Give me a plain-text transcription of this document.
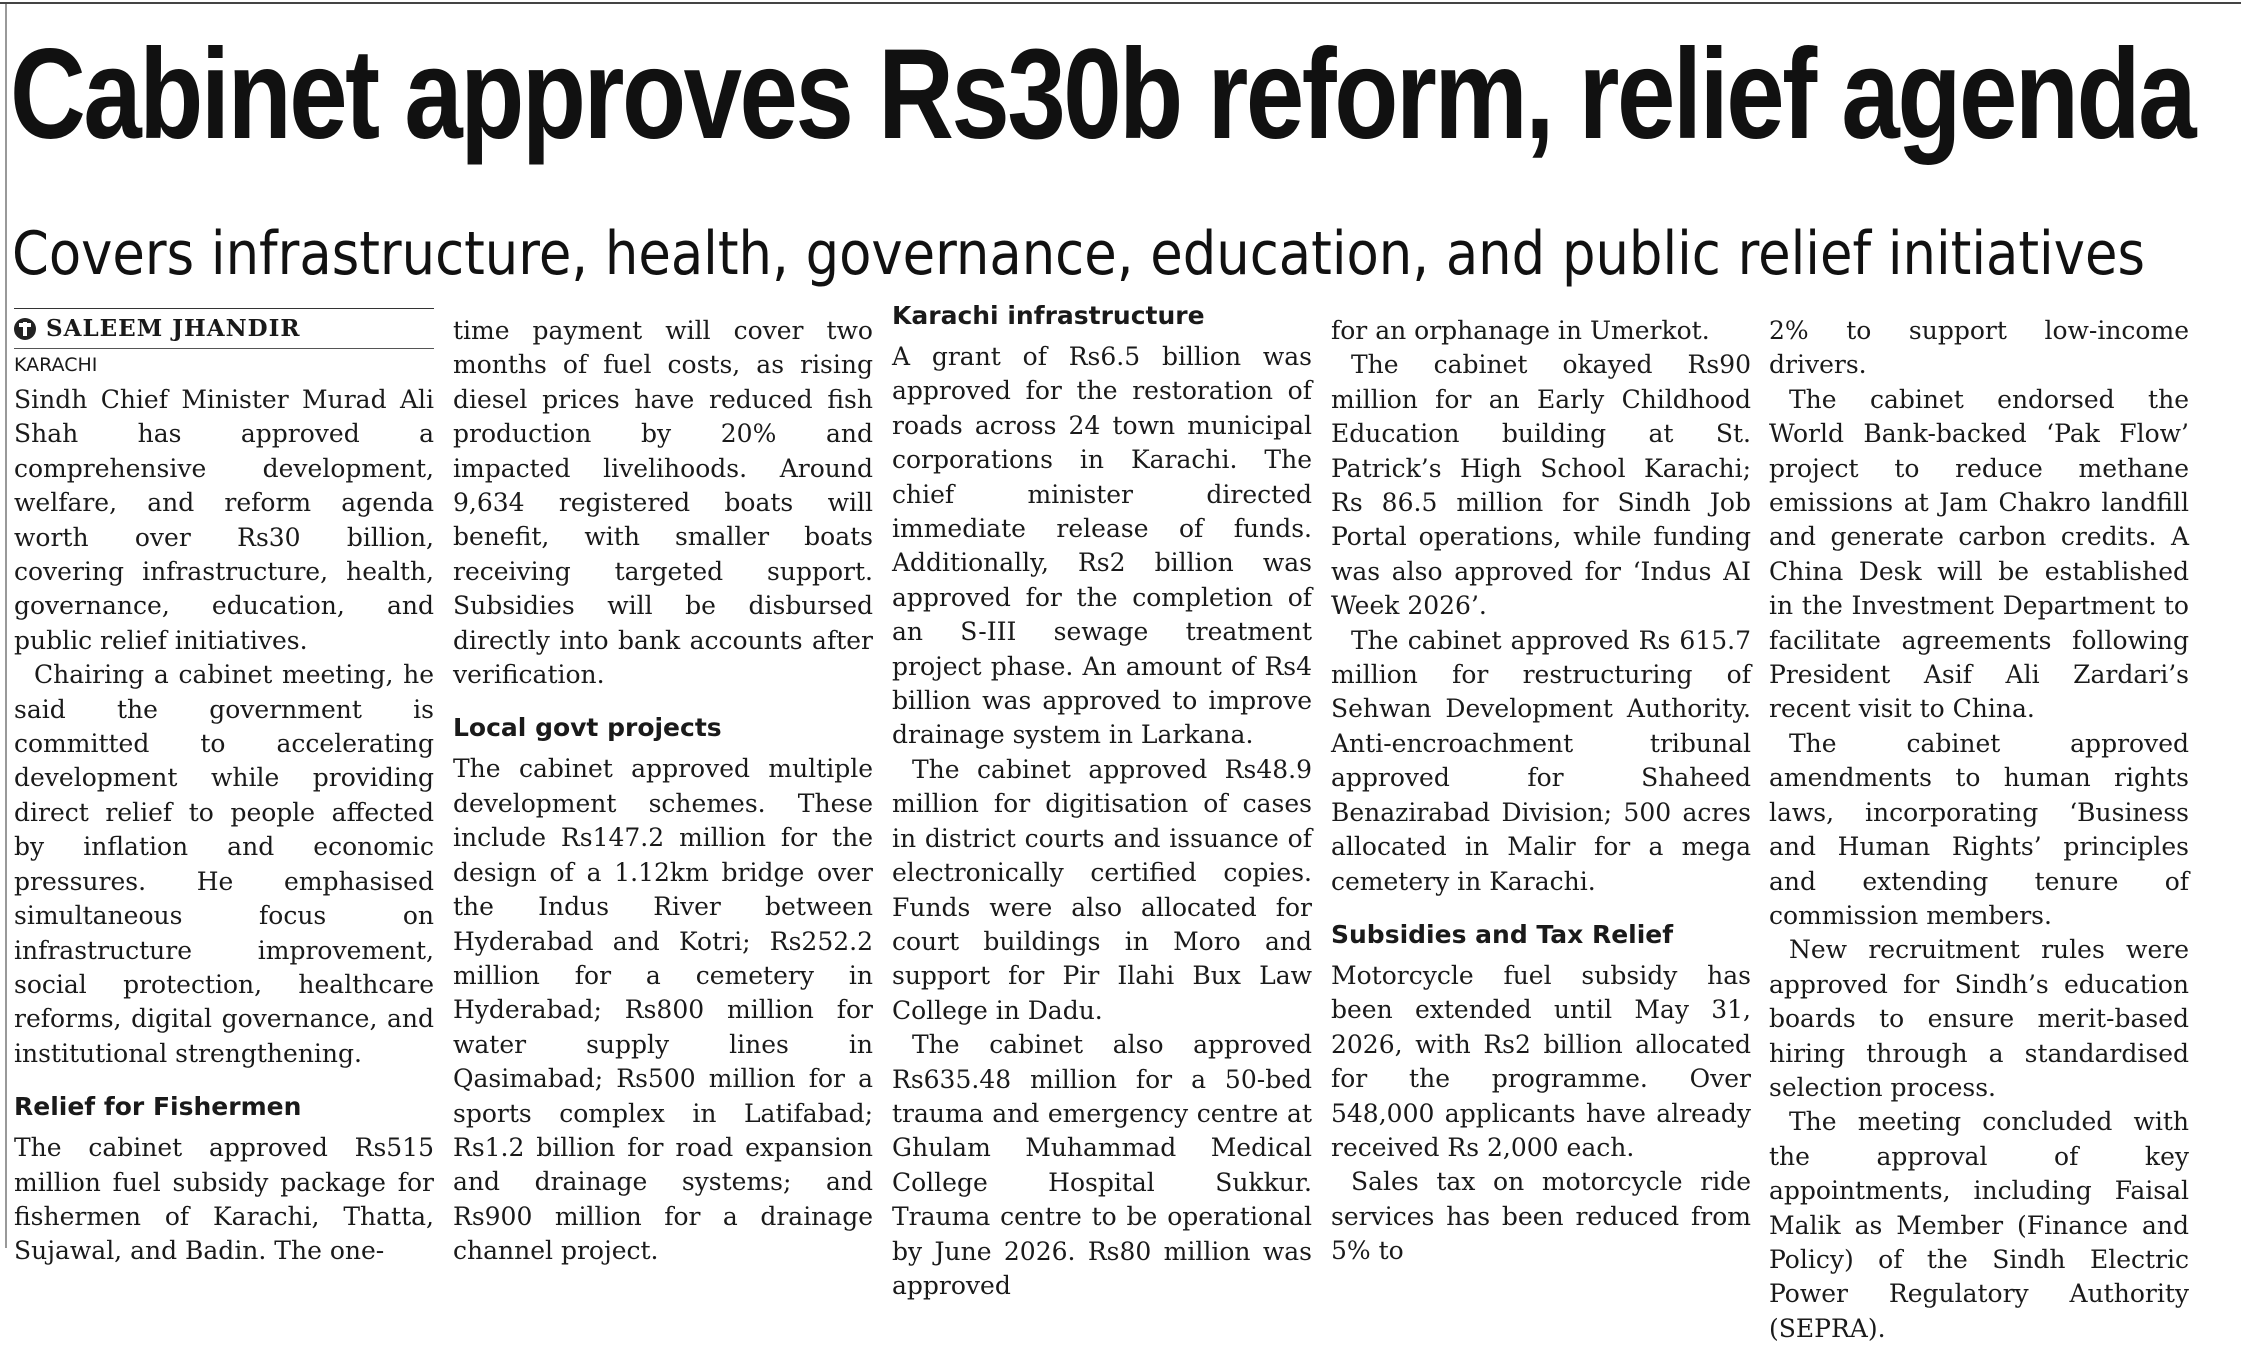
Cabinet approves Rs30b reform, relief agenda
Covers infrastructure, health, governance, education, and public relief initiatives
SALEEM JHANDIR
KARACHI

Sindh Chief Minister Murad Ali Shah has approved a comprehensive development, welfare, and reform agenda worth over Rs30 billion, covering infrastructure, health, governance, education, and public relief initiatives.

Chairing a cabinet meeting, he said the government is committed to accelerating development while providing direct relief to people affected by inflation and economic pressures. He emphasised simultaneous focus on infrastructure improvement, social protection, healthcare reforms, digital governance, and institutional strengthening.

Relief for Fishermen

The cabinet approved Rs515 million fuel subsidy package for fishermen of Karachi, Thatta, Sujawal, and Badin. The one-

time payment will cover two months of fuel costs, as rising diesel prices have reduced fish production by 20% and impacted livelihoods. Around 9,634 registered boats will benefit, with smaller boats receiving targeted support. Subsidies will be disbursed directly into bank accounts after verification.

Local govt projects

The cabinet approved multiple development schemes. These include Rs147.2 million for the design of a 1.12km bridge over the Indus River between Hyderabad and Kotri; Rs252.2 million for a cemetery in Hyderabad; Rs800 million for water supply lines in Qasimabad; Rs500 million for a sports complex in Latifabad; Rs1.2 billion for road expansion and drainage systems; and Rs900 million for a drainage channel project.

Karachi infrastructure

A grant of Rs6.5 billion was approved for the restoration of roads across 24 town municipal corporations in Karachi. The chief minister directed immediate release of funds. Additionally, Rs2 billion was approved for the completion of an S-III sewage treatment project phase. An amount of Rs4 billion was approved to improve drainage system in Larkana.

The cabinet approved Rs48.9 million for digitisation of cases in district courts and issuance of electronically certified copies. Funds were also allocated for court buildings in Moro and support for Pir Ilahi Bux Law College in Dadu.

The cabinet also approved Rs635.48 million for a 50-bed trauma and emergency centre at Ghulam Muhammad Medical College Hospital Sukkur. Trauma centre to be operational by June 2026. Rs80 million was approved

for an orphanage in Umerkot.

The cabinet okayed Rs90 million for an Early Childhood Education building at St. Patrick’s High School Karachi; Rs 86.5 million for Sindh Job Portal operations, while funding was also approved for ‘Indus AI Week 2026’.

The cabinet approved Rs 615.7 million for restructuring of Sehwan Development Authority. Anti-encroachment tribunal approved for Shaheed Benazirabad Division; 500 acres allocated in Malir for a mega cemetery in Karachi.

Subsidies and Tax Relief

Motorcycle fuel subsidy has been extended until May 31, 2026, with Rs2 billion allocated for the programme. Over 548,000 applicants have already received Rs 2,000 each.

Sales tax on motorcycle ride services has been reduced from 5% to

2% to support low-income drivers.

The cabinet endorsed the World Bank-backed ‘Pak Flow’ project to reduce methane emissions at Jam Chakro landfill and generate carbon credits. A China Desk will be established in the Investment Department to facilitate agreements following President Asif Ali Zardari’s recent visit to China.

The cabinet approved amendments to human rights laws, incorporating ‘Business and Human Rights’ principles and extending tenure of commission members.

New recruitment rules were approved for Sindh’s education boards to ensure merit-based hiring through a standardised selection process.

The meeting concluded with the approval of key appointments, including Faisal Malik as Member (Finance and Policy) of the Sindh Electric Power Regulatory Authority (SEPRA).
